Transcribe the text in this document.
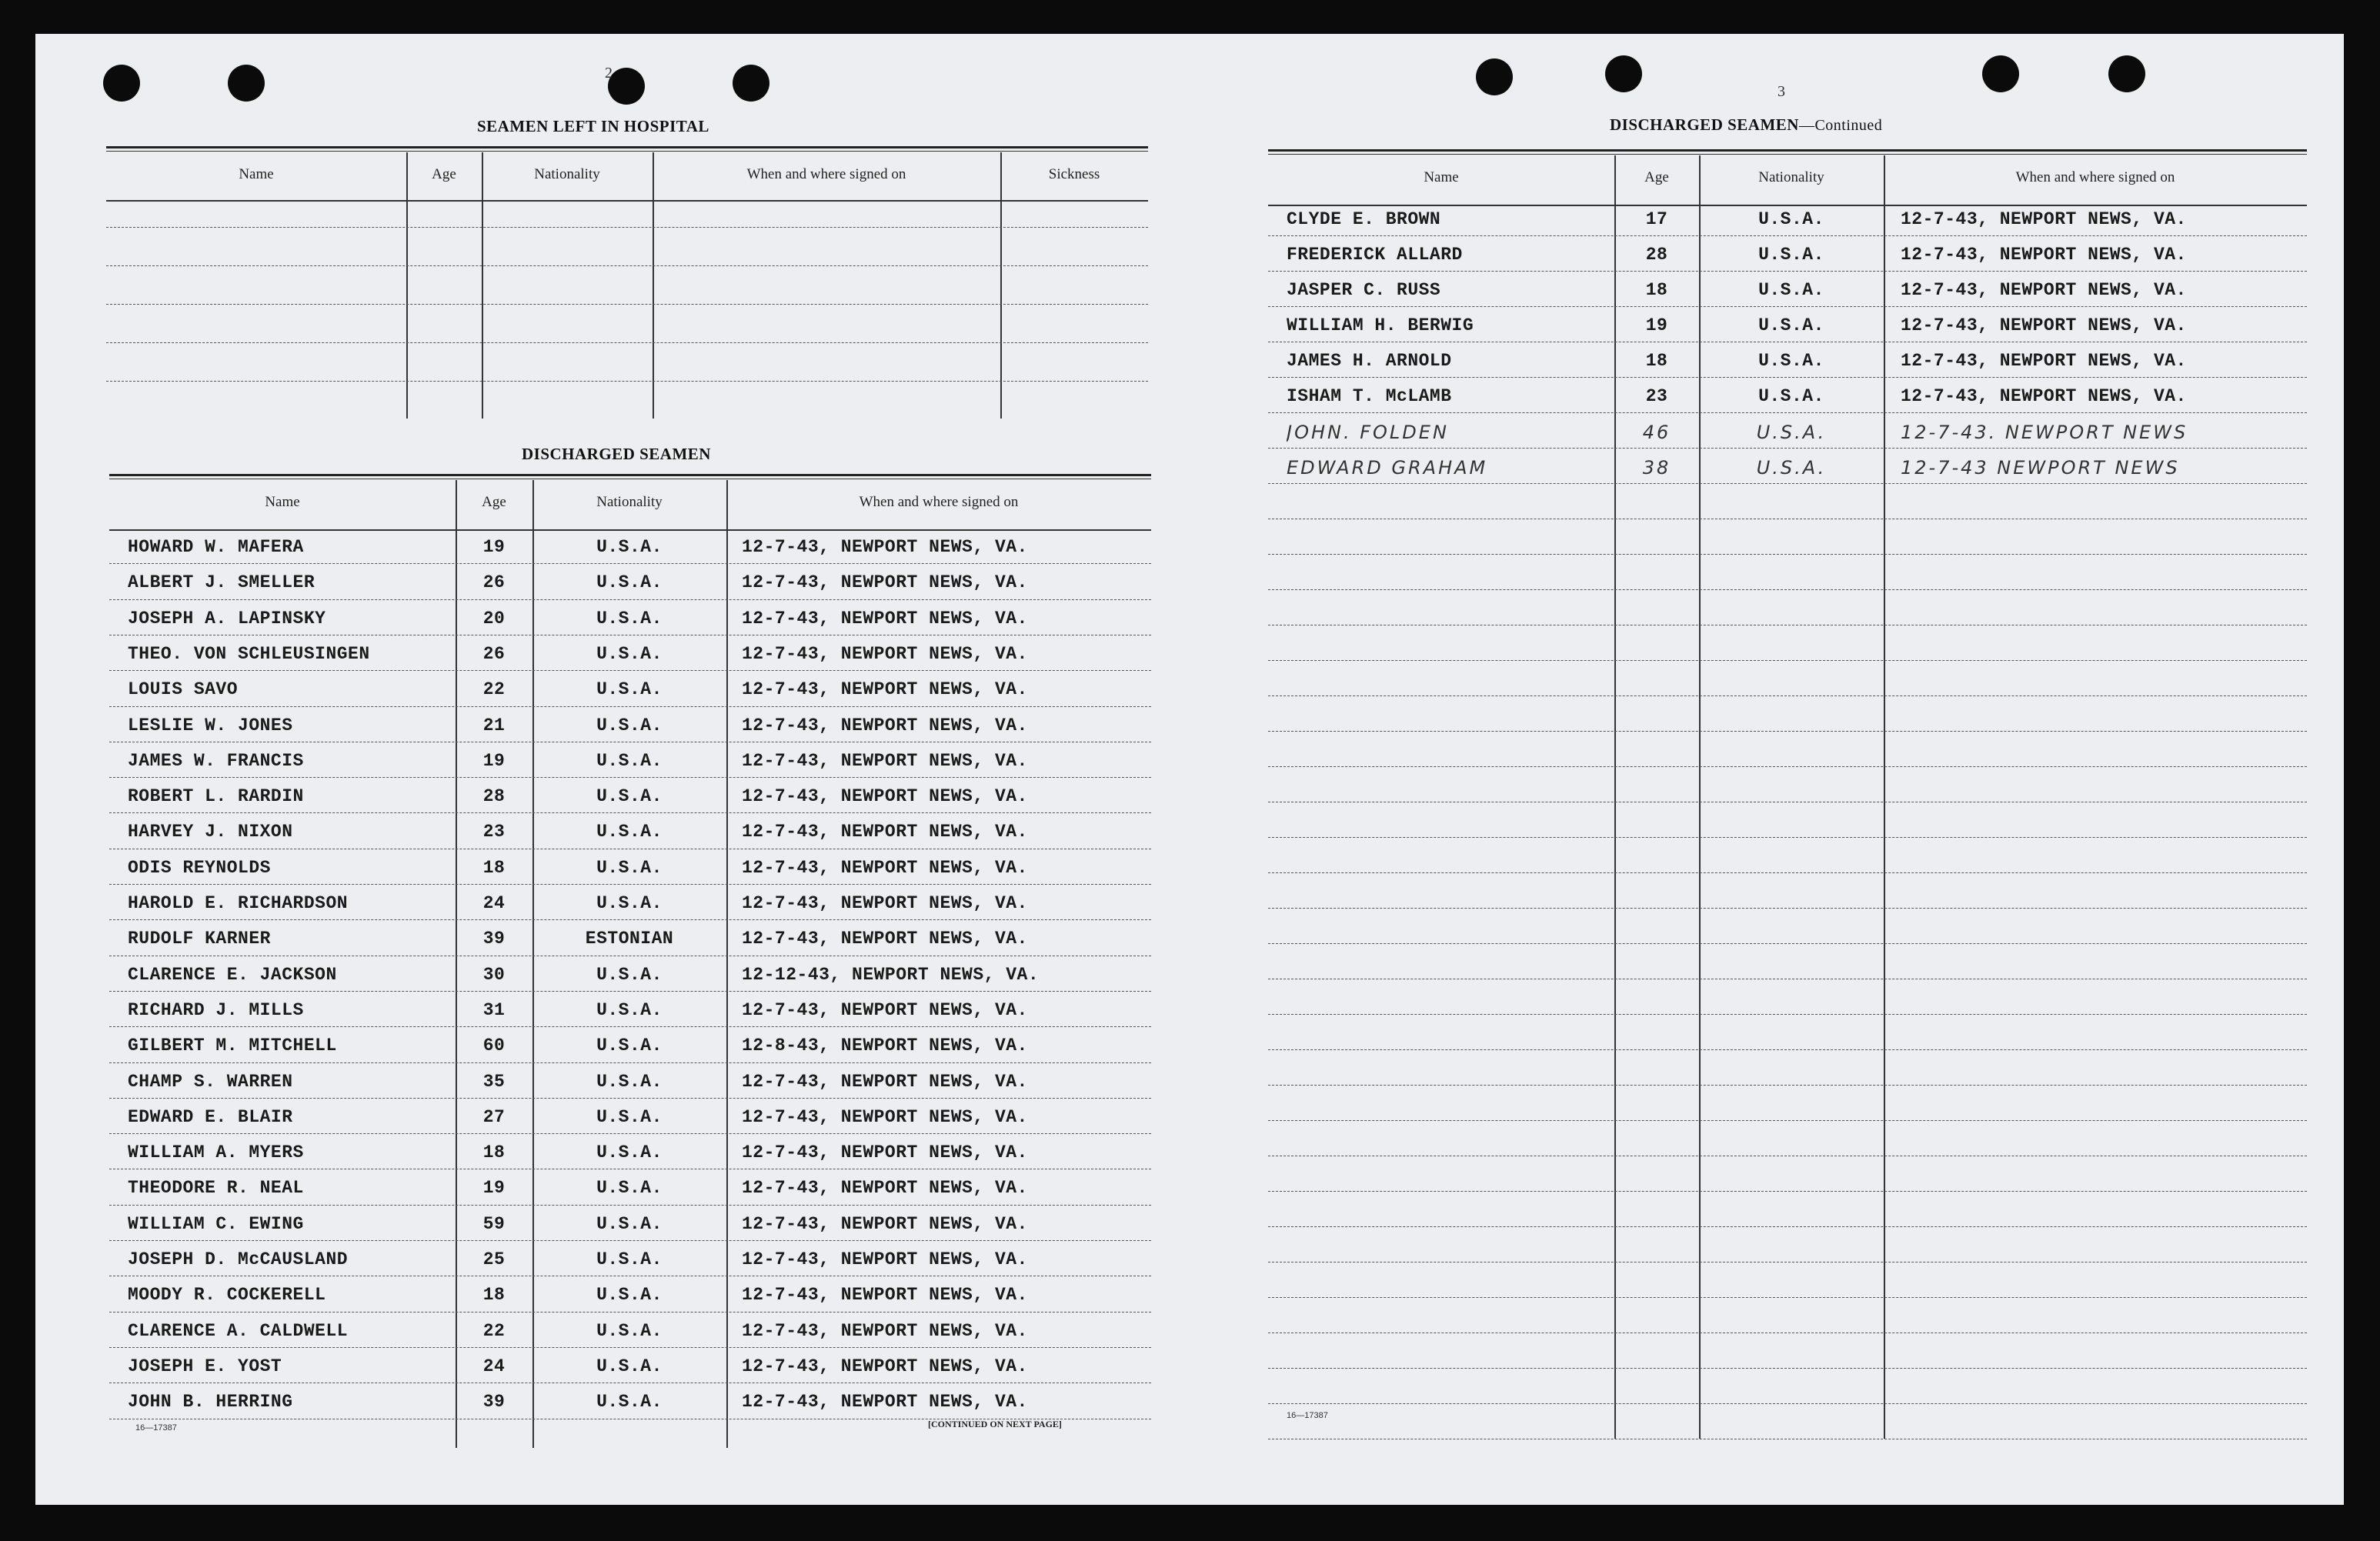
2
SEAMEN LEFT IN HOSPITAL
Name	Age	Nationality	When and where signed on	Sickness
DISCHARGED SEAMEN
Name	Age	Nationality	When and where signed on
HOWARD W. MAFERA	19	U.S.A.	12-7-43, NEWPORT NEWS, VA.
ALBERT J. SMELLER	26	U.S.A.	12-7-43, NEWPORT NEWS, VA.
JOSEPH A. LAPINSKY	20	U.S.A.	12-7-43, NEWPORT NEWS, VA.
THEO. VON SCHLEUSINGEN	26	U.S.A.	12-7-43, NEWPORT NEWS, VA.
LOUIS SAVO	22	U.S.A.	12-7-43, NEWPORT NEWS, VA.
LESLIE W. JONES	21	U.S.A.	12-7-43, NEWPORT NEWS, VA.
JAMES W. FRANCIS	19	U.S.A.	12-7-43, NEWPORT NEWS, VA.
ROBERT L. RARDIN	28	U.S.A.	12-7-43, NEWPORT NEWS, VA.
HARVEY J. NIXON	23	U.S.A.	12-7-43, NEWPORT NEWS, VA.
ODIS REYNOLDS	18	U.S.A.	12-7-43, NEWPORT NEWS, VA.
HAROLD E. RICHARDSON	24	U.S.A.	12-7-43, NEWPORT NEWS, VA.
RUDOLF KARNER	39	ESTONIAN	12-7-43, NEWPORT NEWS, VA.
CLARENCE E. JACKSON	30	U.S.A.	12-12-43, NEWPORT NEWS, VA.
RICHARD J. MILLS	31	U.S.A.	12-7-43, NEWPORT NEWS, VA.
GILBERT M. MITCHELL	60	U.S.A.	12-8-43, NEWPORT NEWS, VA.
CHAMP S. WARREN	35	U.S.A.	12-7-43, NEWPORT NEWS, VA.
EDWARD E. BLAIR	27	U.S.A.	12-7-43, NEWPORT NEWS, VA.
WILLIAM A. MYERS	18	U.S.A.	12-7-43, NEWPORT NEWS, VA.
THEODORE R. NEAL	19	U.S.A.	12-7-43, NEWPORT NEWS, VA.
WILLIAM C. EWING	59	U.S.A.	12-7-43, NEWPORT NEWS, VA.
JOSEPH D. McCAUSLAND	25	U.S.A.	12-7-43, NEWPORT NEWS, VA.
MOODY R. COCKERELL	18	U.S.A.	12-7-43, NEWPORT NEWS, VA.
CLARENCE A. CALDWELL	22	U.S.A.	12-7-43, NEWPORT NEWS, VA.
JOSEPH E. YOST	24	U.S.A.	12-7-43, NEWPORT NEWS, VA.
JOHN B. HERRING	39	U.S.A.	12-7-43, NEWPORT NEWS, VA.
16—17387	[CONTINUED ON NEXT PAGE]
3
DISCHARGED SEAMEN—Continued
Name	Age	Nationality	When and where signed on
CLYDE E. BROWN	17	U.S.A.	12-7-43, NEWPORT NEWS, VA.
FREDERICK ALLARD	28	U.S.A.	12-7-43, NEWPORT NEWS, VA.
JASPER C. RUSS	18	U.S.A.	12-7-43, NEWPORT NEWS, VA.
WILLIAM H. BERWIG	19	U.S.A.	12-7-43, NEWPORT NEWS, VA.
JAMES H. ARNOLD	18	U.S.A.	12-7-43, NEWPORT NEWS, VA.
ISHAM T. McLAMB	23	U.S.A.	12-7-43, NEWPORT NEWS, VA.
JOHN. FOLDEN	46	U.S.A.	12-7-43. NEWPORT NEWS
EDWARD GRAHAM	38	U.S.A.	12-7-43 NEWPORT NEWS
16—17387
